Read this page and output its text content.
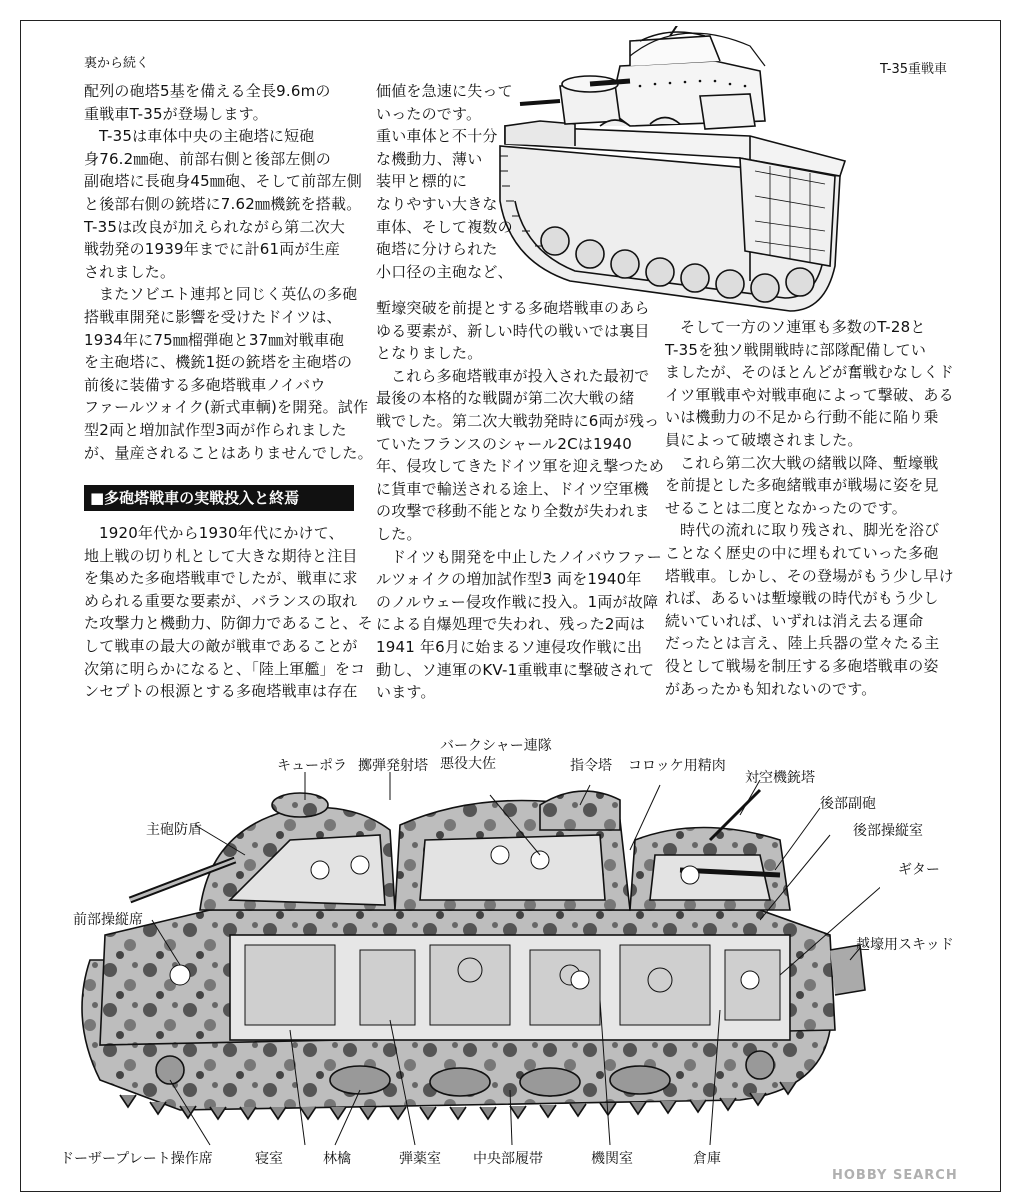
裏から続く	T-35重戦車

配列の砲塔5基を備える全長9.6mの

重戦車T-35が登場します。

T-35は車体中央の主砲塔に短砲

身76.2㎜砲、前部右側と後部左側の

副砲塔に長砲身45㎜砲、そして前部左側

と後部右側の銃塔に7.62㎜機銃を搭載。

T-35は改良が加えられながら第二次大

戦勃発の1939年までに計61両が生産

されました。

またソビエト連邦と同じく英仏の多砲

搭戦車開発に影響を受けたドイツは、

1934年に75㎜榴弾砲と37㎜対戦車砲

を主砲塔に、機銃1挺の銃塔を主砲塔の

前後に装備する多砲塔戦車ノイバウ

ファールツォイク(新式車輌)を開発。試作

型2両と増加試作型3両が作られました

が、量産されることはありませんでした。

■多砲塔戦車の実戦投入と終焉

1920年代から1930年代にかけて、

地上戦の切り札として大きな期待と注目

を集めた多砲塔戦車でしたが、戦車に求

められる重要な要素が、バランスの取れ

た攻撃力と機動力、防御力であること、そ

して戦車の最大の敵が戦車であることが

次第に明らかになると、「陸上軍艦」をコ

ンセプトの根源とする多砲塔戦車は存在

価値を急速に失って

いったのです。

重い車体と不十分

な機動力、薄い

装甲と標的に

なりやすい大きな

車体、そして複数の

砲塔に分けられた

小口径の主砲など、

塹壕突破を前提とする多砲塔戦車のあら

ゆる要素が、新しい時代の戦いでは裏目

となりました。

これら多砲塔戦車が投入された最初で

最後の本格的な戦闘が第二次大戦の緒

戦でした。第二次大戦勃発時に6両が残っ

ていたフランスのシャール2Cは1940

年、侵攻してきたドイツ軍を迎え撃つため

に貨車で輸送される途上、ドイツ空軍機

の攻撃で移動不能となり全数が失われま

した。

ドイツも開発を中止したノイバウファー

ルツォイクの増加試作型3 両を1940年

のノルウェー侵攻作戦に投入。1両が故障

による自爆処理で失われ、残った2両は

1941 年6月に始まるソ連侵攻作戦に出

動し、ソ連軍のKV-1重戦車に撃破されて

います。

そして一方のソ連軍も多数のT-28と

T-35を独ソ戦開戦時に部隊配備してい

ましたが、そのほとんどが奮戦むなしくド

イツ軍戦車や対戦車砲によって撃破、ある

いは機動力の不足から行動不能に陥り乗

員によって破壊されました。

これら第二次大戦の緒戦以降、塹壕戦

を前提とした多砲緒戦車が戦場に姿を見

せることは二度となかったのです。

時代の流れに取り残され、脚光を浴び

ことなく歴史の中に埋もれていった多砲

塔戦車。しかし、その登場がもう少し早け

れば、あるいは塹壕戦の時代がもう少し

続いていれば、いずれは消え去る運命

だったとは言え、陸上兵器の堂々たる主

役として戦場を制圧する多砲塔戦車の姿

があったかも知れないのです。

キューポラ 擲弾発射塔
バークシャー連隊
悪役大佐	指令塔 コロッケ用精肉
対空機銃塔
後部副砲
主砲防盾	後部操縦室
ギター
前部操縦席
越壕用スキッド
ドーザープレート操作席	寝室	林檎	弾薬室 中央部履帯	機関室	倉庫
HOBBY SEARCH
